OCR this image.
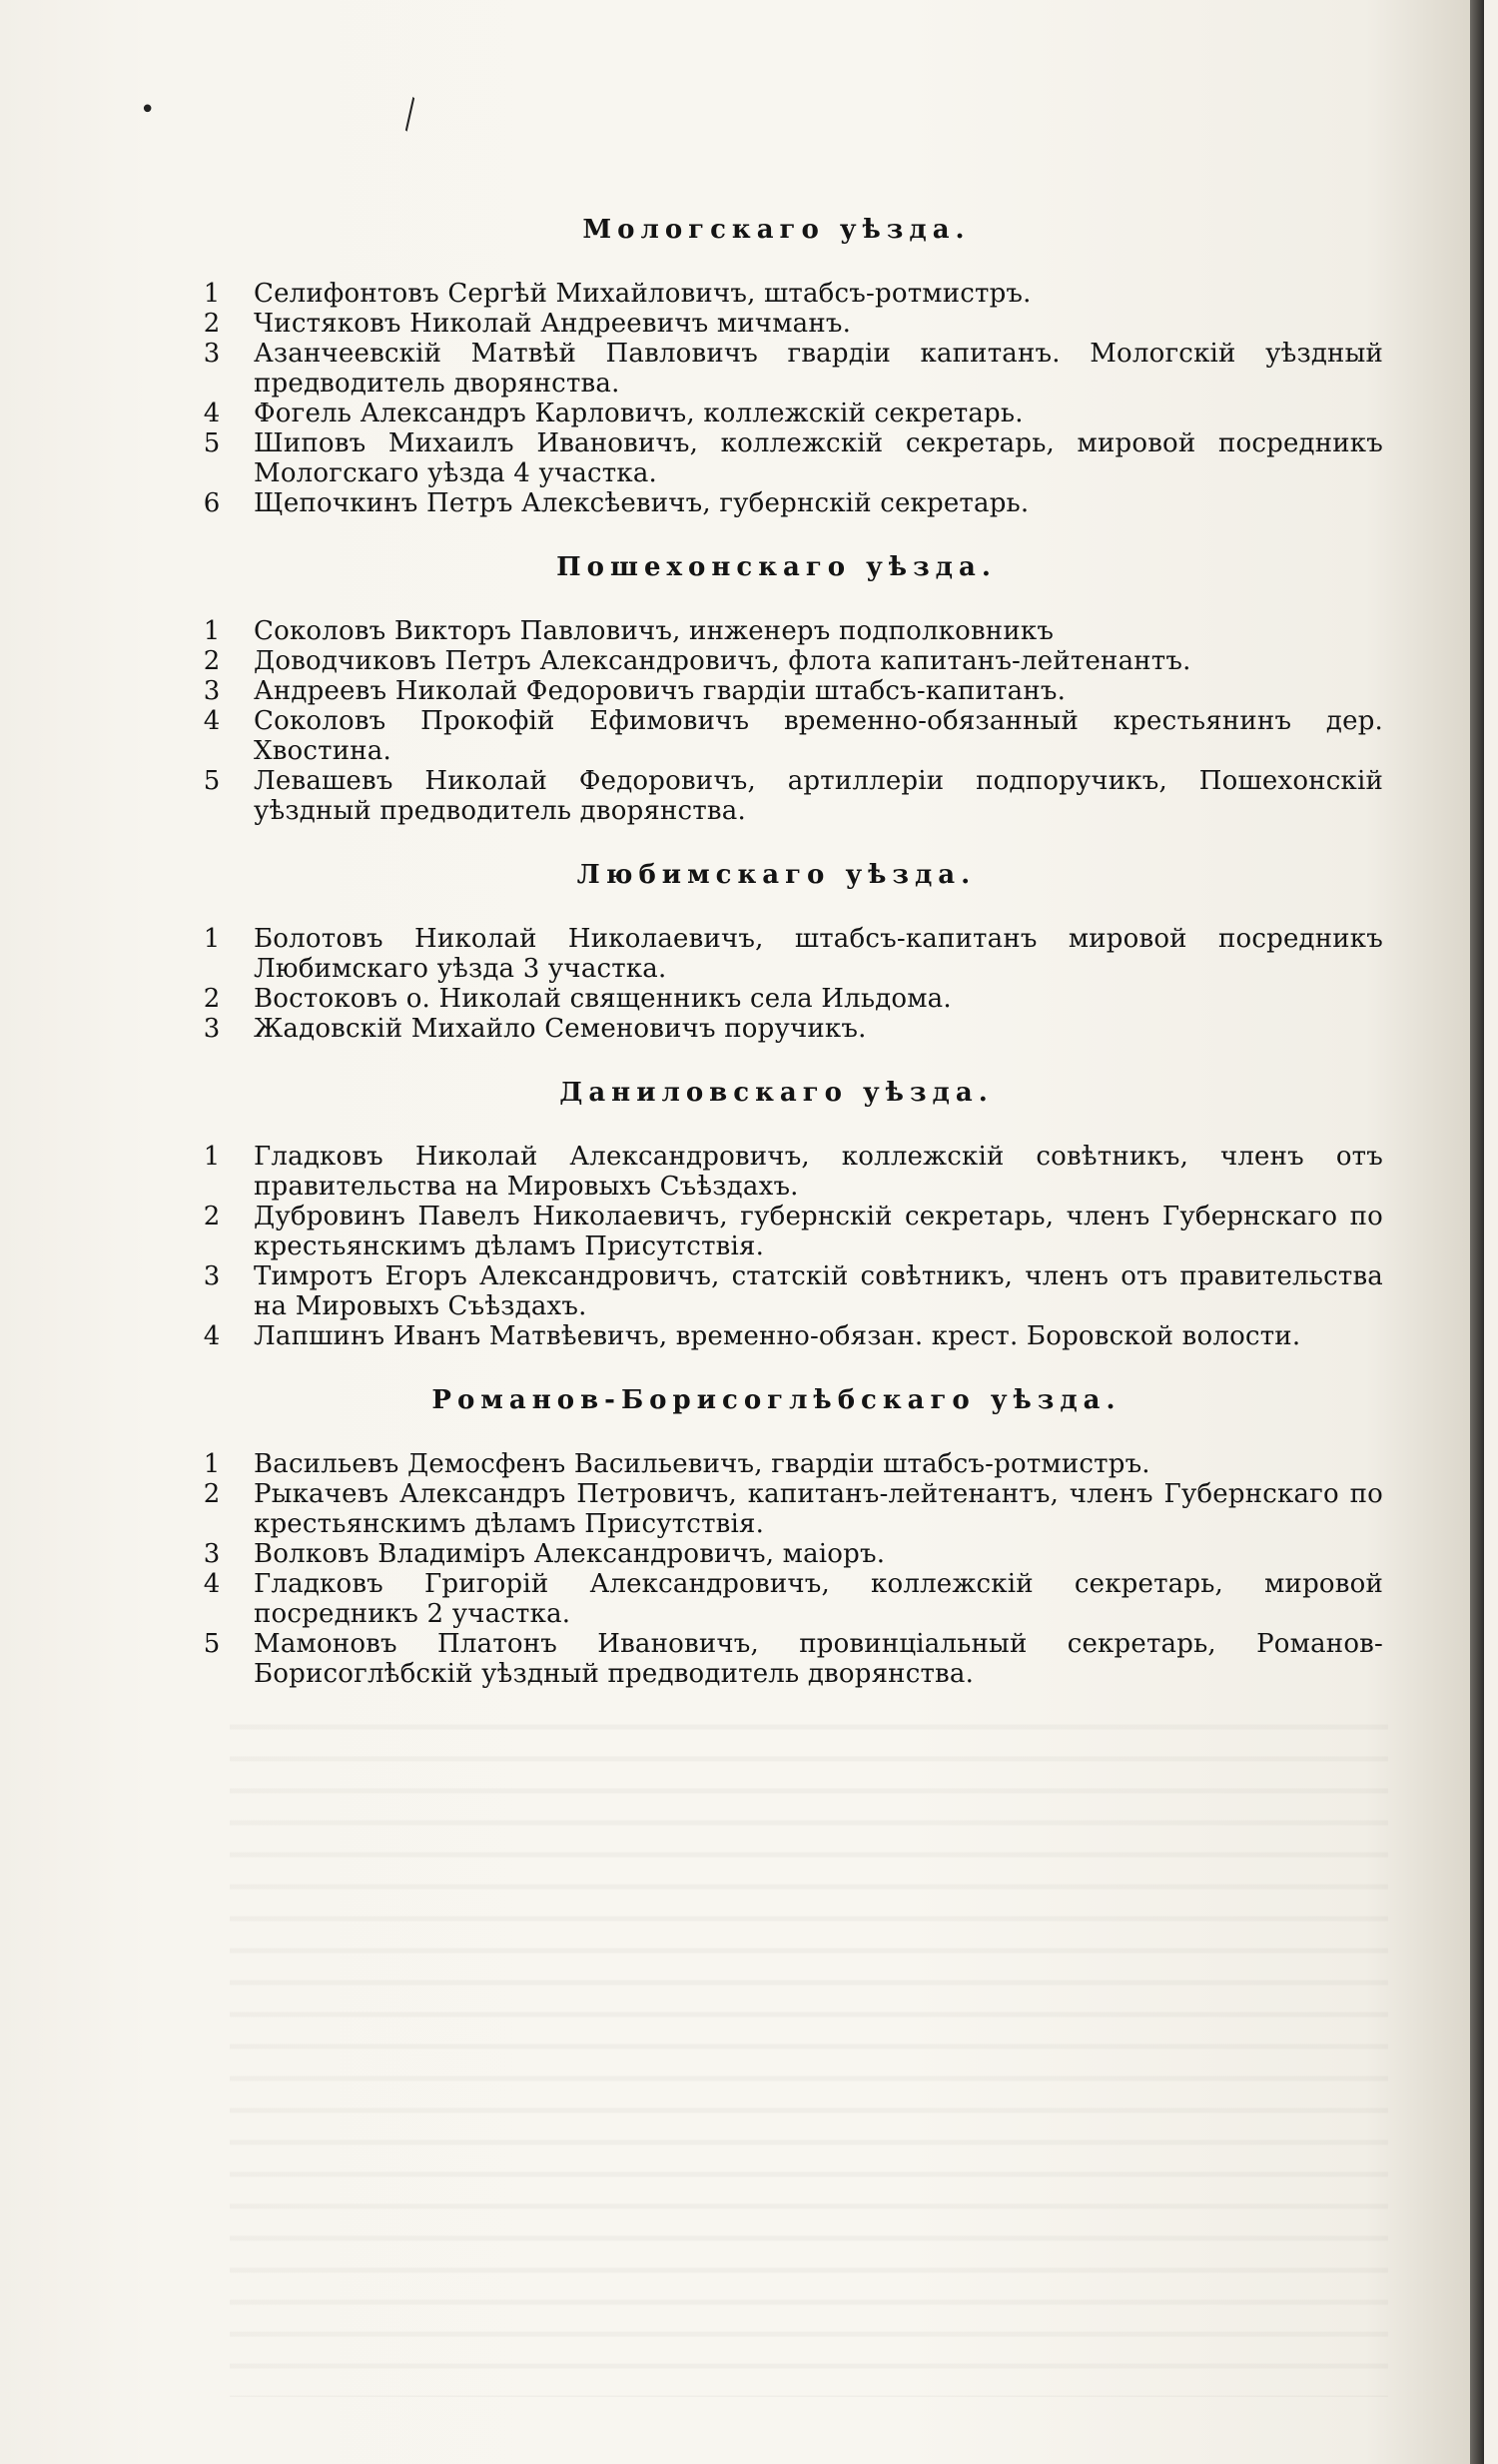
•	╲
Мологскаго уѣзда.
1	Селифонтовъ Сергѣй Михайловичъ, штабсъ-ротмистръ.
2	Чистяковъ Николай Андреевичъ мичманъ.
3	Азанчеевскій Матвѣй Павловичъ гвардіи капитанъ. Мологскій уѣздный предводитель дворянства.
4	Фогель Александръ Карловичъ, коллежскій секретарь.
5	Шиповъ Михаилъ Ивановичъ, коллежскій секретарь, мировой посредникъ Мологскаго уѣзда 4 участка.
6	Щепочкинъ Петръ Алексѣевичъ, губернскій секретарь.
Пошехонскаго уѣзда.
1	Соколовъ Викторъ Павловичъ, инженеръ подполковникъ
2	Доводчиковъ Петръ Александровичъ, флота капитанъ-лейтенантъ.
3	Андреевъ Николай Федоровичъ гвардіи штабсъ-капитанъ.
4	Соколовъ Прокофій Ефимовичъ временно-обязанный крестьянинъ дер. Хвостина.
5	Левашевъ Николай Федоровичъ, артиллеріи подпоручикъ, Пошехонскій уѣздный предводитель дворянства.
Любимскаго уѣзда.
1	Болотовъ Николай Николаевичъ, штабсъ-капитанъ мировой посредникъ Любимскаго уѣзда 3 участка.
2	Востоковъ о. Николай священникъ села Ильдома.
3	Жадовскій Михайло Семеновичъ поручикъ.
Даниловскаго уѣзда.
1	Гладковъ Николай Александровичъ, коллежскій совѣтникъ, членъ отъ правительства на Мировыхъ Съѣздахъ.
2	Дубровинъ Павелъ Николаевичъ, губернскій секретарь, членъ Губернскаго по крестьянскимъ дѣламъ Присутствія.
3	Тимротъ Егоръ Александровичъ, статскій совѣтникъ, членъ отъ правительства на Мировыхъ Съѣздахъ.
4	Лапшинъ Иванъ Матвѣевичъ, временно-обязан. крест. Боровской волости.
Романов-Борисоглѣбскаго уѣзда.
1	Васильевъ Демосфенъ Васильевичъ, гвардіи штабсъ-ротмистръ.
2	Рыкачевъ Александръ Петровичъ, капитанъ-лейтенантъ, членъ Губернскаго по крестьянскимъ дѣламъ Присутствія.
3	Волковъ Владиміръ Александровичъ, маіоръ.
4	Гладковъ Григорій Александровичъ, коллежскій секретарь, мировой посредникъ 2 участка.
5	Мамоновъ Платонъ Ивановичъ, провинціальный секретарь, Романов-Борисоглѣбскій уѣздный предводитель дворянства.
